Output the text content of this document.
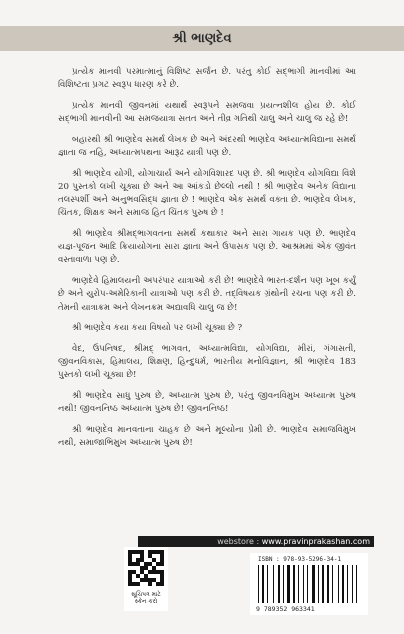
શ્રી ભાણદેવ

પ્રત્યેક માનવી પરમાત્માનું વિશિષ્ટ સર્જન છે. પરંતુ કોઈ સદ્‌ભાગી માનવીમાં આ વિશિષ્ટતા પ્રગટ સ્વરૂપ ધારણ કરે છે.

પ્રત્યેક માનવી જીવનમાં યથાર્થ સ્વરૂપને સમજવા પ્રયત્નશીલ હોય છે. કોઈ સદ્‌ભાગી માનવીની આ સમજયાત્રા સતત અને તીવ્ર ગતિથી ચાલુ અને ચાલુ જ રહે છે!

બહારથી શ્રી ભાણદેવ સમર્થ લેખક છે અને અંદરથી ભાણદેવ અધ્યાત્મવિદ્યાના સમર્થ જ્ઞાતા જ નહિ, અધ્યાત્મપથના આરૂઢ યાત્રી પણ છે.

શ્રી ભાણદેવ યોગી, યોગાચાર્ય અને યોગવિશારદ પણ છે. શ્રી ભાણદેવ યોગવિદ્યા વિશે 20 પુસ્તકો લખી ચૂક્યા છે અને આ આંકડો છેલ્લો નથી ! શ્રી ભાણદેવ અનેક વિદ્યાના તલસ્પર્શી અને અનુભવસિદ્ધ જ્ઞાતા છે ! ભાણદેવ એક સમર્થ વક્તા છે. ભાણદેવ લેખક, ચિંતક, શિક્ષક અને સમાજ હિત ચિંતક પુરુષ છે !

શ્રી ભાણદેવ શ્રીમદ્‌ભાગવતના સમર્થ કથાકાર અને સારા ગાયક પણ છે. ભાણદેવ યજ્ઞ-પૂજન આદિ ક્રિયાયોગના સારા જ્ઞાતા અને ઉપાસક પણ છે. આશ્રમમાં એક જીવંત વસ્તાવાળા પણ છે.

ભાણદેવે હિમાલયની અપરંપાર યાત્રાઓ કરી છે! ભાણદેવે ભારત-દર્શન પણ ખૂબ કર્યું છે અને યુરોપ-અમેરિકાની યાત્રાઓ પણ કરી છે. તદ્‌વિષયક ગ્રંથોની રચના પણ કરી છે. તેમની યાત્રાક્રમ અને લેખનક્રમ અદ્યાવધિ ચાલુ જ છે!

શ્રી ભાણદેવ કયા કયા વિષયો પર લખી ચૂક્યા છે ?

વેદ, ઉપનિષદ, શ્રીમદ્‌ ભાગવત, અધ્યાત્મવિદ્યા, યોગવિદ્યા, મીરાં, ગંગાસતી, જીવનવિકાસ, હિમાલય, શિક્ષણ, હિન્દુધર્મ, ભારતીય મનોવિજ્ઞાન, શ્રી ભાણદેવ 183 પુસ્તકો લખી ચૂક્યા છે!

શ્રી ભાણદેવ સાધુ પુરુષ છે, અધ્યાત્મ પુરુષ છે, પરંતુ જીવનવિમુખ અધ્યાત્મ પુરુષ નથી! જીવનનિષ્ઠ અધ્યાત્મ પુરુષ છે! જીવનનિષ્ઠ!

શ્રી ભાણદેવ માનવતાના ચાહક છે અને મૂલ્યોના પ્રેમી છે. ભાણદેવ સમાજવિમુખ નથી, સમાજાભિમુખ અધ્યાત્મ પુરુષ છે!

webstore : www.pravinprakashan.com
સૂચિપત્ર માટે સ્કેન કરો
ISBN : 978-93-5296-34-1
9 789352 963341
